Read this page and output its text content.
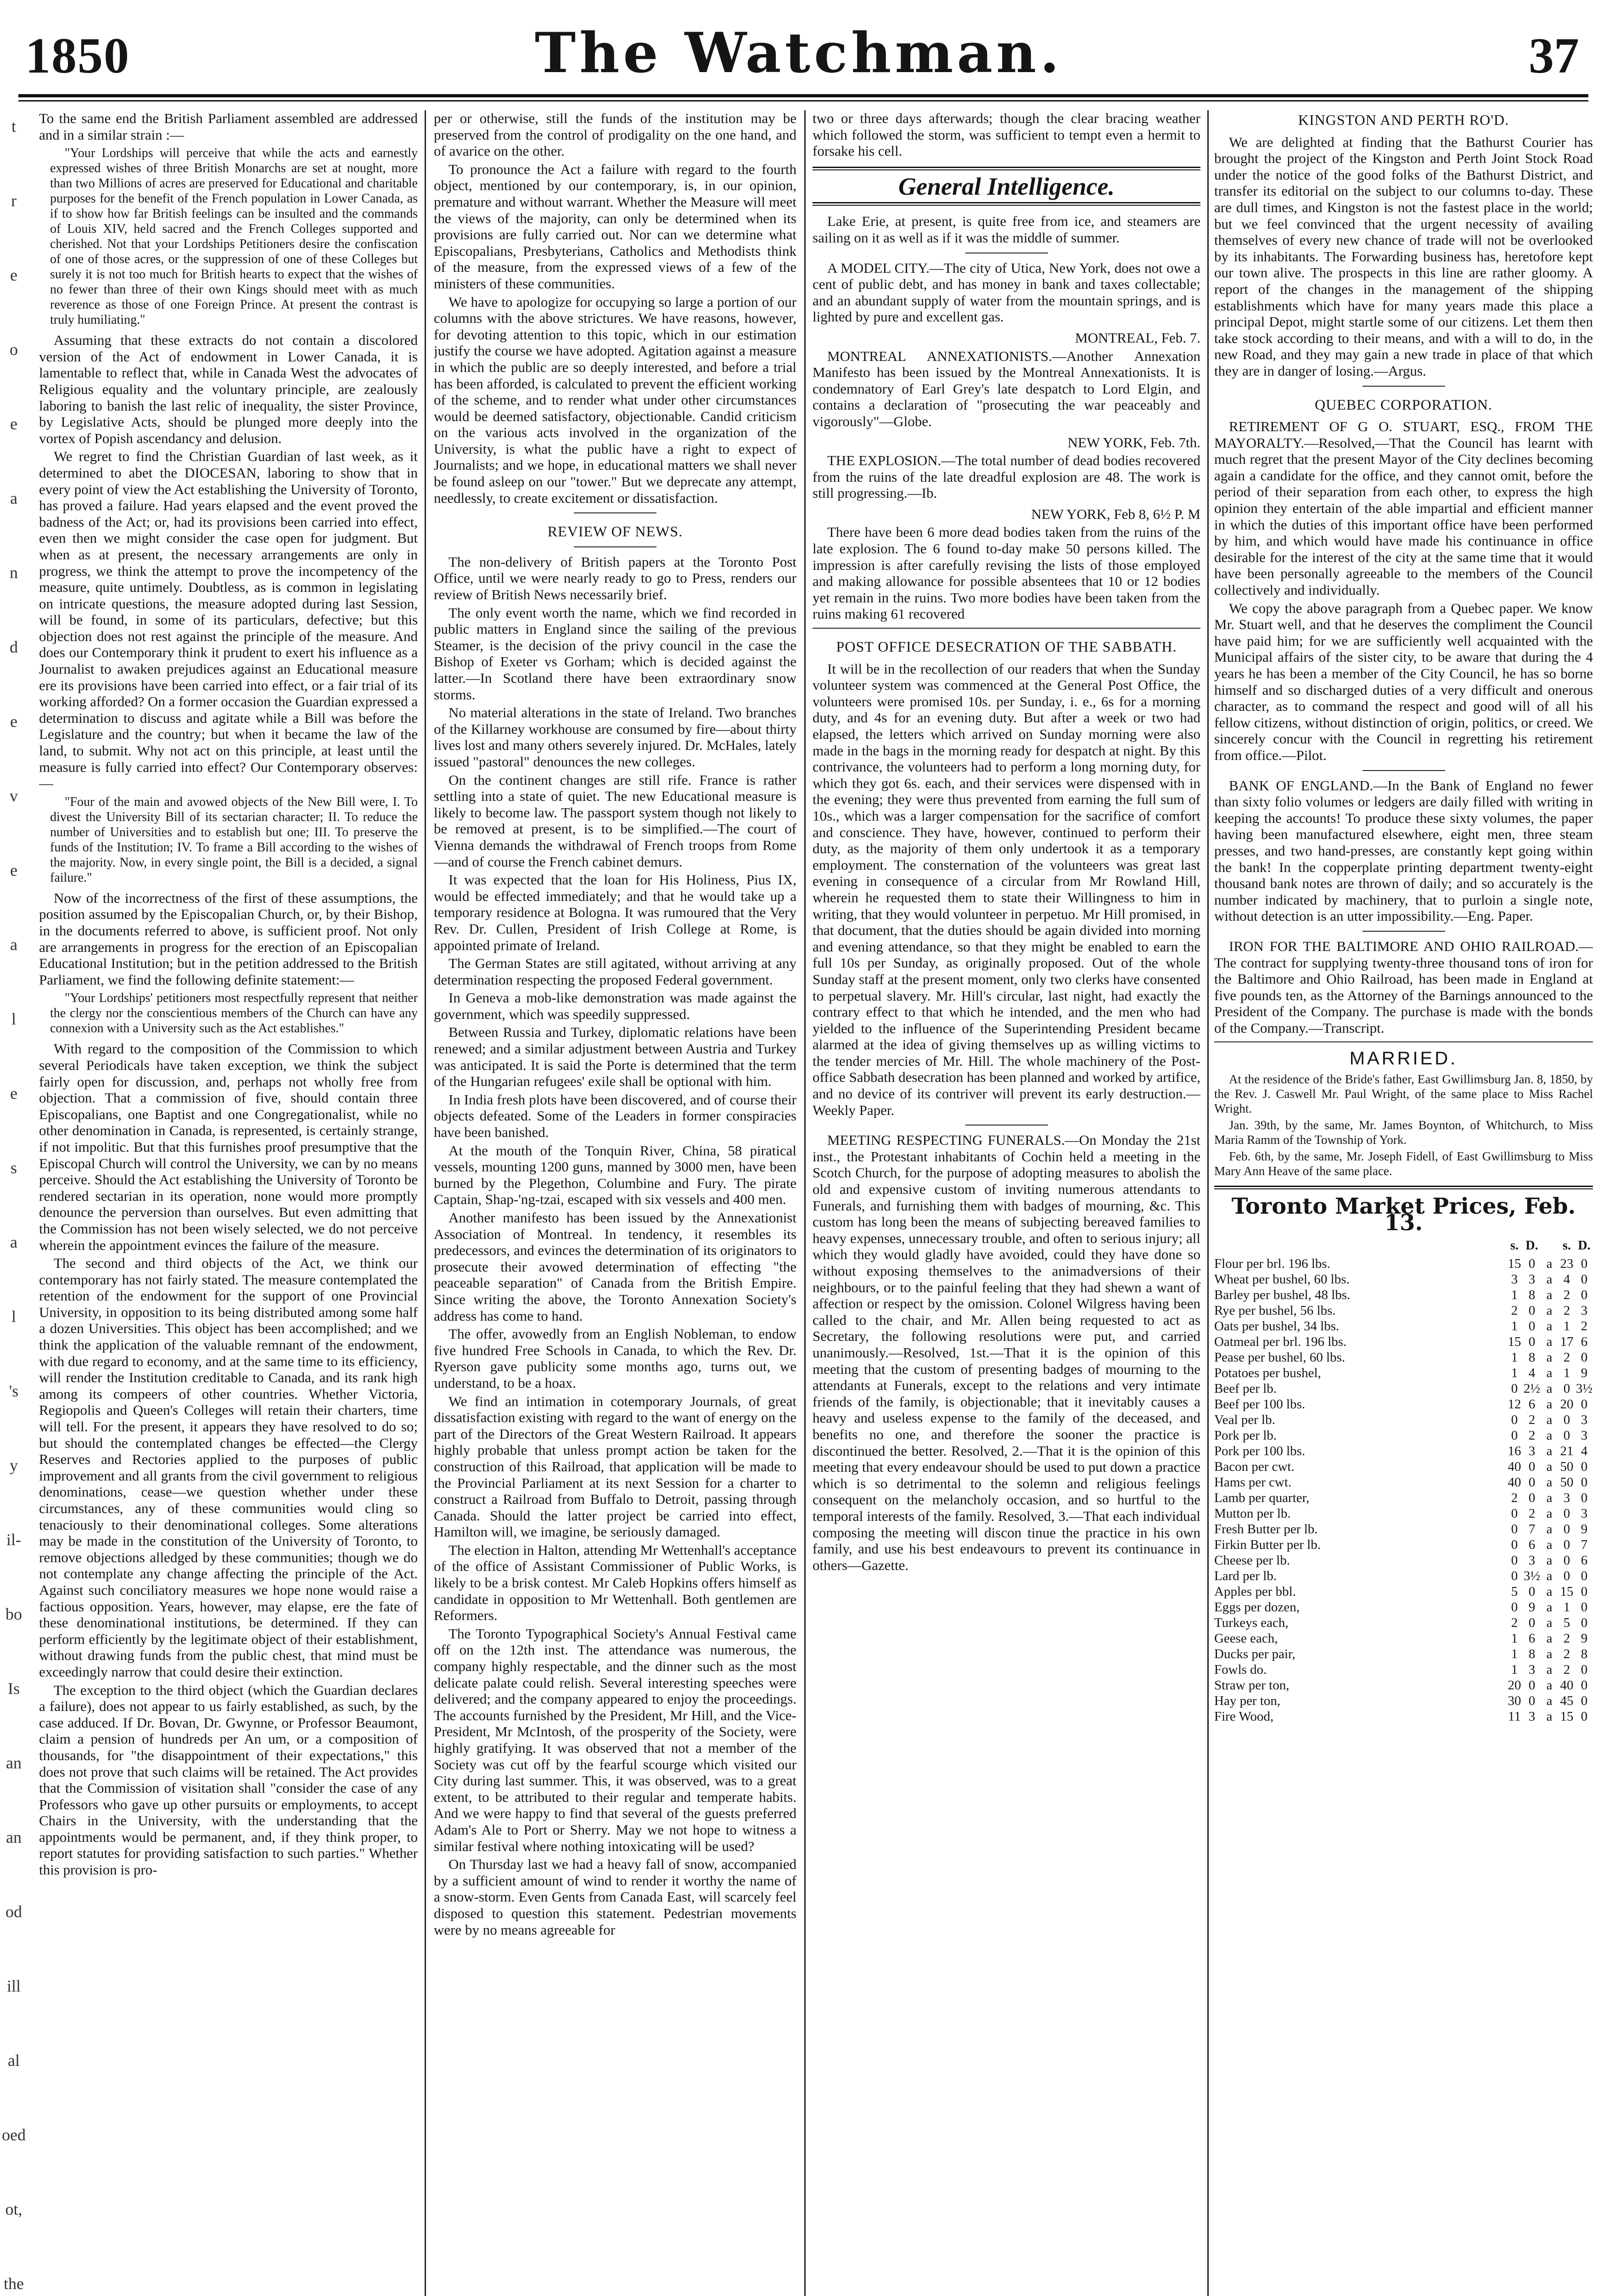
1850	The Watchman.	37
t
r
e
o
e
a
n
d
e
v
e
a
l
e
s
a
l
's
y
il-
bo
Is
an
an
od
ill
al
oed
ot,
the

To the same end the British Parliament assembled are addressed and in a similar strain :—

"Your Lordships will perceive that while the acts and earnestly expressed wishes of three British Monarchs are set at nought, more than two Millions of acres are preserved for Educational and charitable purposes for the benefit of the French population in Lower Canada, as if to show how far British feelings can be insulted and the commands of Louis XIV, held sacred and the French Colleges supported and cherished. Not that your Lordships Petitioners desire the confiscation of one of those acres, or the suppression of one of these Colleges but surely it is not too much for British hearts to expect that the wishes of no fewer than three of their own Kings should meet with as much reverence as those of one Foreign Prince. At present the contrast is truly humiliating."

Assuming that these extracts do not contain a discolored version of the Act of endowment in Lower Canada, it is lamentable to reflect that, while in Canada West the advocates of Religious equality and the voluntary principle, are zealously laboring to banish the last relic of inequality, the sister Province, by Legislative Acts, should be plunged more deeply into the vortex of Popish ascendancy and delusion.

We regret to find the Christian Guardian of last week, as it determined to abet the DIOCESAN, laboring to show that in every point of view the Act establishing the University of Toronto, has proved a failure. Had years elapsed and the event proved the badness of the Act; or, had its provisions been carried into effect, even then we might consider the case open for judgment. But when as at present, the necessary arrangements are only in progress, we think the attempt to prove the incompetency of the measure, quite untimely. Doubtless, as is common in legislating on intricate questions, the measure adopted during last Session, will be found, in some of its particulars, defective; but this objection does not rest against the principle of the measure. And does our Contemporary think it prudent to exert his influence as a Journalist to awaken prejudices against an Educational measure ere its provisions have been carried into effect, or a fair trial of its working afforded? On a former occasion the Guardian expressed a determination to discuss and agitate while a Bill was before the Legislature and the country; but when it became the law of the land, to submit. Why not act on this principle, at least until the measure is fully carried into effect? Our Contemporary observes:—

"Four of the main and avowed objects of the New Bill were, I. To divest the University Bill of its sectarian character; II. To reduce the number of Universities and to establish but one; III. To preserve the funds of the Institution; IV. To frame a Bill according to the wishes of the majority. Now, in every single point, the Bill is a decided, a signal failure."

Now of the incorrectness of the first of these assumptions, the position assumed by the Episcopalian Church, or, by their Bishop, in the documents referred to above, is sufficient proof. Not only are arrangements in progress for the erection of an Episcopalian Educational Institution; but in the petition addressed to the British Parliament, we find the following definite statement:—

"Your Lordships' petitioners most respectfully represent that neither the clergy nor the conscientious members of the Church can have any connexion with a University such as the Act establishes."

With regard to the composition of the Commission to which several Periodicals have taken exception, we think the subject fairly open for discussion, and, perhaps not wholly free from objection. That a commission of five, should contain three Episcopalians, one Baptist and one Congregationalist, while no other denomination in Canada, is represented, is certainly strange, if not impolitic. But that this furnishes proof presumptive that the Episcopal Church will control the University, we can by no means perceive. Should the Act establishing the University of Toronto be rendered sectarian in its operation, none would more promptly denounce the perversion than ourselves. But even admitting that the Commission has not been wisely selected, we do not perceive wherein the appointment evinces the failure of the measure.

The second and third objects of the Act, we think our contemporary has not fairly stated. The measure contemplated the retention of the endowment for the support of one Provincial University, in opposition to its being distributed among some half a dozen Universities. This object has been accomplished; and we think the application of the valuable remnant of the endowment, with due regard to economy, and at the same time to its efficiency, will render the Institution creditable to Canada, and its rank high among its compeers of other countries. Whether Victoria, Regiopolis and Queen's Colleges will retain their charters, time will tell. For the present, it appears they have resolved to do so; but should the contemplated changes be effected—the Clergy Reserves and Rectories applied to the purposes of public improvement and all grants from the civil government to religious denominations, cease—we question whether under these circumstances, any of these communities would cling so tenaciously to their denominational colleges. Some alterations may be made in the constitution of the University of Toronto, to remove objections alledged by these communities; though we do not contemplate any change affecting the principle of the Act. Against such conciliatory measures we hope none would raise a factious opposition. Years, however, may elapse, ere the fate of these denominational institutions, be determined. If they can perform efficiently by the legitimate object of their establishment, without drawing funds from the public chest, that mind must be exceedingly narrow that could desire their extinction.

The exception to the third object (which the Guardian declares a failure), does not appear to us fairly established, as such, by the case adduced. If Dr. Bovan, Dr. Gwynne, or Professor Beaumont, claim a pension of hundreds per An um, or a composition of thousands, for "the disappointment of their expectations," this does not prove that such claims will be retained. The Act provides that the Commission of visitation shall "consider the case of any Professors who gave up other pursuits or employments, to accept Chairs in the University, with the understanding that the appointments would be permanent, and, if they think proper, to report statutes for providing satisfaction to such parties." Whether this provision is pro-

per or otherwise, still the funds of the institution may be preserved from the control of prodigality on the one hand, and of avarice on the other.

To pronounce the Act a failure with regard to the fourth object, mentioned by our contemporary, is, in our opinion, premature and without warrant. Whether the Measure will meet the views of the majority, can only be determined when its provisions are fully carried out. Nor can we determine what Episcopalians, Presbyterians, Catholics and Methodists think of the measure, from the expressed views of a few of the ministers of these communities.

We have to apologize for occupying so large a portion of our columns with the above strictures. We have reasons, however, for devoting attention to this topic, which in our estimation justify the course we have adopted. Agitation against a measure in which the public are so deeply interested, and before a trial has been afforded, is calculated to prevent the efficient working of the scheme, and to render what under other circumstances would be deemed satisfactory, objectionable. Candid criticism on the various acts involved in the organization of the University, is what the public have a right to expect of Journalists; and we hope, in educational matters we shall never be found asleep on our "tower." But we deprecate any attempt, needlessly, to create excitement or dissatisfaction.

REVIEW OF NEWS.

The non-delivery of British papers at the Toronto Post Office, until we were nearly ready to go to Press, renders our review of British News necessarily brief.

The only event worth the name, which we find recorded in public matters in England since the sailing of the previous Steamer, is the decision of the privy council in the case the Bishop of Exeter vs Gorham; which is decided against the latter.—In Scotland there have been extraordinary snow storms.

No material alterations in the state of Ireland. Two branches of the Killarney workhouse are consumed by fire—about thirty lives lost and many others severely injured. Dr. McHales, lately issued "pastoral" denounces the new colleges.

On the continent changes are still rife. France is rather settling into a state of quiet. The new Educational measure is likely to become law. The passport system though not likely to be removed at present, is to be simplified.—The court of Vienna demands the withdrawal of French troops from Rome—and of course the French cabinet demurs.

It was expected that the loan for His Holiness, Pius IX, would be effected immediately; and that he would take up a temporary residence at Bologna. It was rumoured that the Very Rev. Dr. Cullen, President of Irish College at Rome, is appointed primate of Ireland.

The German States are still agitated, without arriving at any determination respecting the proposed Federal government.

In Geneva a mob-like demonstration was made against the government, which was speedily suppressed.

Between Russia and Turkey, diplomatic relations have been renewed; and a similar adjustment between Austria and Turkey was anticipated. It is said the Porte is determined that the term of the Hungarian refugees' exile shall be optional with him.

In India fresh plots have been discovered, and of course their objects defeated. Some of the Leaders in former conspiracies have been banished.

At the mouth of the Tonquin River, China, 58 piratical vessels, mounting 1200 guns, manned by 3000 men, have been burned by the Plegethon, Columbine and Fury. The pirate Captain, Shap-'ng-tzai, escaped with six vessels and 400 men.

Another manifesto has been issued by the Annexationist Association of Montreal. In tendency, it resembles its predecessors, and evinces the determination of its originators to prosecute their avowed determination of effecting "the peaceable separation" of Canada from the British Empire. Since writing the above, the Toronto Annexation Society's address has come to hand.

The offer, avowedly from an English Nobleman, to endow five hundred Free Schools in Canada, to which the Rev. Dr. Ryerson gave publicity some months ago, turns out, we understand, to be a hoax.

We find an intimation in cotemporary Journals, of great dissatisfaction existing with regard to the want of energy on the part of the Directors of the Great Western Railroad. It appears highly probable that unless prompt action be taken for the construction of this Railroad, that application will be made to the Provincial Parliament at its next Session for a charter to construct a Railroad from Buffalo to Detroit, passing through Canada. Should the latter project be carried into effect, Hamilton will, we imagine, be seriously damaged.

The election in Halton, attending Mr Wettenhall's acceptance of the office of Assistant Commissioner of Public Works, is likely to be a brisk contest. Mr Caleb Hopkins offers himself as candidate in opposition to Mr Wettenhall. Both gentlemen are Reformers.

The Toronto Typographical Society's Annual Festival came off on the 12th inst. The attendance was numerous, the company highly respectable, and the dinner such as the most delicate palate could relish. Several interesting speeches were delivered; and the company appeared to enjoy the proceedings. The accounts furnished by the President, Mr Hill, and the Vice-President, Mr McIntosh, of the prosperity of the Society, were highly gratifying. It was observed that not a member of the Society was cut off by the fearful scourge which visited our City during last summer. This, it was observed, was to a great extent, to be attributed to their regular and temperate habits. And we were happy to find that several of the guests preferred Adam's Ale to Port or Sherry. May we not hope to witness a similar festival where nothing intoxicating will be used?

On Thursday last we had a heavy fall of snow, accompanied by a sufficient amount of wind to render it worthy the name of a snow-storm. Even Gents from Canada East, will scarcely feel disposed to question this statement. Pedestrian movements were by no means agreeable for

two or three days afterwards; though the clear bracing weather which followed the storm, was sufficient to tempt even a hermit to forsake his cell.

General Intelligence.

Lake Erie, at present, is quite free from ice, and steamers are sailing on it as well as if it was the middle of summer.

A MODEL CITY.—The city of Utica, New York, does not owe a cent of public debt, and has money in bank and taxes collectable; and an abundant supply of water from the mountain springs, and is lighted by pure and excellent gas.

MONTREAL, Feb. 7.

MONTREAL ANNEXATIONISTS.—Another Annexation Manifesto has been issued by the Montreal Annexationists. It is condemnatory of Earl Grey's late despatch to Lord Elgin, and contains a declaration of "prosecuting the war peaceably and vigorously"—Globe.

NEW YORK, Feb. 7th.

THE EXPLOSION.—The total number of dead bodies recovered from the ruins of the late dreadful explosion are 48. The work is still progressing.—Ib.

NEW YORK, Feb 8, 6½ P. M

There have been 6 more dead bodies taken from the ruins of the late explosion. The 6 found to-day make 50 persons killed. The impression is after carefully revising the lists of those employed and making allowance for possible absentees that 10 or 12 bodies yet remain in the ruins. Two more bodies have been taken from the ruins making 61 recovered

POST OFFICE DESECRATION OF THE SABBATH.

It will be in the recollection of our readers that when the Sunday volunteer system was commenced at the General Post Office, the volunteers were promised 10s. per Sunday, i. e., 6s for a morning duty, and 4s for an evening duty. But after a week or two had elapsed, the letters which arrived on Sunday morning were also made in the bags in the morning ready for despatch at night. By this contrivance, the volunteers had to perform a long morning duty, for which they got 6s. each, and their services were dispensed with in the evening; they were thus prevented from earning the full sum of 10s., which was a larger compensation for the sacrifice of comfort and conscience. They have, however, continued to perform their duty, as the majority of them only undertook it as a temporary employment. The consternation of the volunteers was great last evening in consequence of a circular from Mr Rowland Hill, wherein he requested them to state their Willingness to him in writing, that they would volunteer in perpetuo. Mr Hill promised, in that document, that the duties should be again divided into morning and evening attendance, so that they might be enabled to earn the full 10s per Sunday, as originally proposed. Out of the whole Sunday staff at the present moment, only two clerks have consented to perpetual slavery. Mr. Hill's circular, last night, had exactly the contrary effect to that which he intended, and the men who had yielded to the influence of the Superintending President became alarmed at the idea of giving themselves up as willing victims to the tender mercies of Mr. Hill. The whole machinery of the Post-office Sabbath desecration has been planned and worked by artifice, and no device of its contriver will prevent its early destruction.—Weekly Paper.

MEETING RESPECTING FUNERALS.—On Monday the 21st inst., the Protestant inhabitants of Cochin held a meeting in the Scotch Church, for the purpose of adopting measures to abolish the old and expensive custom of inviting numerous attendants to Funerals, and furnishing them with badges of mourning, &c. This custom has long been the means of subjecting bereaved families to heavy expenses, unnecessary trouble, and often to serious injury; all which they would gladly have avoided, could they have done so without exposing themselves to the animadversions of their neighbours, or to the painful feeling that they had shewn a want of affection or respect by the omission. Colonel Wilgress having been called to the chair, and Mr. Allen being requested to act as Secretary, the following resolutions were put, and carried unanimously.—Resolved, 1st.—That it is the opinion of this meeting that the custom of presenting badges of mourning to the attendants at Funerals, except to the relations and very intimate friends of the family, is objectionable; that it inevitably causes a heavy and useless expense to the family of the deceased, and benefits no one, and therefore the sooner the practice is discontinued the better. Resolved, 2.—That it is the opinion of this meeting that every endeavour should be used to put down a practice which is so detrimental to the solemn and religious feelings consequent on the melancholy occasion, and so hurtful to the temporal interests of the family. Resolved, 3.—That each individual composing the meeting will discon tinue the practice in his own family, and use his best endeavours to prevent its continuance in others—Gazette.

KINGSTON AND PERTH RO'D.

We are delighted at finding that the Bathurst Courier has brought the project of the Kingston and Perth Joint Stock Road under the notice of the good folks of the Bathurst District, and transfer its editorial on the subject to our columns to-day. These are dull times, and Kingston is not the fastest place in the world; but we feel convinced that the urgent necessity of availing themselves of every new chance of trade will not be overlooked by its inhabitants. The Forwarding business has, heretofore kept our town alive. The prospects in this line are rather gloomy. A report of the changes in the management of the shipping establishments which have for many years made this place a principal Depot, might startle some of our citizens. Let them then take stock according to their means, and with a will to do, in the new Road, and they may gain a new trade in place of that which they are in danger of losing.—Argus.

QUEBEC CORPORATION.

RETIREMENT OF G O. STUART, ESQ., FROM THE MAYORALTY.—Resolved,—That the Council has learnt with much regret that the present Mayor of the City declines becoming again a candidate for the office, and they cannot omit, before the period of their separation from each other, to express the high opinion they entertain of the able impartial and efficient manner in which the duties of this important office have been performed by him, and which would have made his continuance in office desirable for the interest of the city at the same time that it would have been personally agreeable to the members of the Council collectively and individually.

We copy the above paragraph from a Quebec paper. We know Mr. Stuart well, and that he deserves the compliment the Council have paid him; for we are sufficiently well acquainted with the Municipal affairs of the sister city, to be aware that during the 4 years he has been a member of the City Council, he has so borne himself and so discharged duties of a very difficult and onerous character, as to command the respect and good will of all his fellow citizens, without distinction of origin, politics, or creed. We sincerely concur with the Council in regretting his retirement from office.—Pilot.

BANK OF ENGLAND.—In the Bank of England no fewer than sixty folio volumes or ledgers are daily filled with writing in keeping the accounts! To produce these sixty volumes, the paper having been manufactured elsewhere, eight men, three steam presses, and two hand-presses, are constantly kept going within the bank! In the copperplate printing department twenty-eight thousand bank notes are thrown of daily; and so accurately is the number indicated by machinery, that to purloin a single note, without detection is an utter impossibility.—Eng. Paper.

IRON FOR THE BALTIMORE AND OHIO RAILROAD.—The contract for supplying twenty-three thousand tons of iron for the Baltimore and Ohio Railroad, has been made in England at five pounds ten, as the Attorney of the Barnings announced to the President of the Company. The purchase is made with the bonds of the Company.—Transcript.

MARRIED.

At the residence of the Bride's father, East Gwillimsburg Jan. 8, 1850, by the Rev. J. Caswell Mr. Paul Wright, of the same place to Miss Rachel Wright.

Jan. 39th, by the same, Mr. James Boynton, of Whitchurch, to Miss Maria Ramm of the Township of York.

Feb. 6th, by the same, Mr. Joseph Fidell, of East Gwillimsburg to Miss Mary Ann Heave of the same place.

Toronto Market Prices, Feb. 13.
s. D.	s. D.
Flour per brl. 196 lbs.	15 0 a 23 0
Wheat per bushel, 60 lbs.	3 3 a 4 0
Barley per bushel, 48 lbs.	1 8 a 2 0
Rye per bushel, 56 lbs.	2 0 a 2 3
Oats per bushel, 34 lbs.	1 0 a 1 2
Oatmeal per brl. 196 lbs.	15 0 a 17 6
Pease per bushel, 60 lbs.	1 8 a 2 0
Potatoes per bushel,	1 4 a 1 9
Beef per lb.	0 2½ a 0 3½
Beef per 100 lbs.	12 6 a 20 0
Veal per lb.	0 2 a 0 3
Pork per lb.	0 2 a 0 3
Pork per 100 lbs.	16 3 a 21 4
Bacon per cwt.	40 0 a 50 0
Hams per cwt.	40 0 a 50 0
Lamb per quarter,	2 0 a 3 0
Mutton per lb.	0 2 a 0 3
Fresh Butter per lb.	0 7 a 0 9
Firkin Butter per lb.	0 6 a 0 7
Cheese per lb.	0 3 a 0 6
Lard per lb.	0 3½ a 0 0
Apples per bbl.	5 0 a 15 0
Eggs per dozen,	0 9 a 1 0
Turkeys each,	2 0 a 5 0
Geese each,	1 6 a 2 9
Ducks per pair,	1 8 a 2 8
Fowls do.	1 3 a 2 0
Straw per ton,	20 0 a 40 0
Hay per ton,	30 0 a 45 0
Fire Wood,	11 3 a 15 0
